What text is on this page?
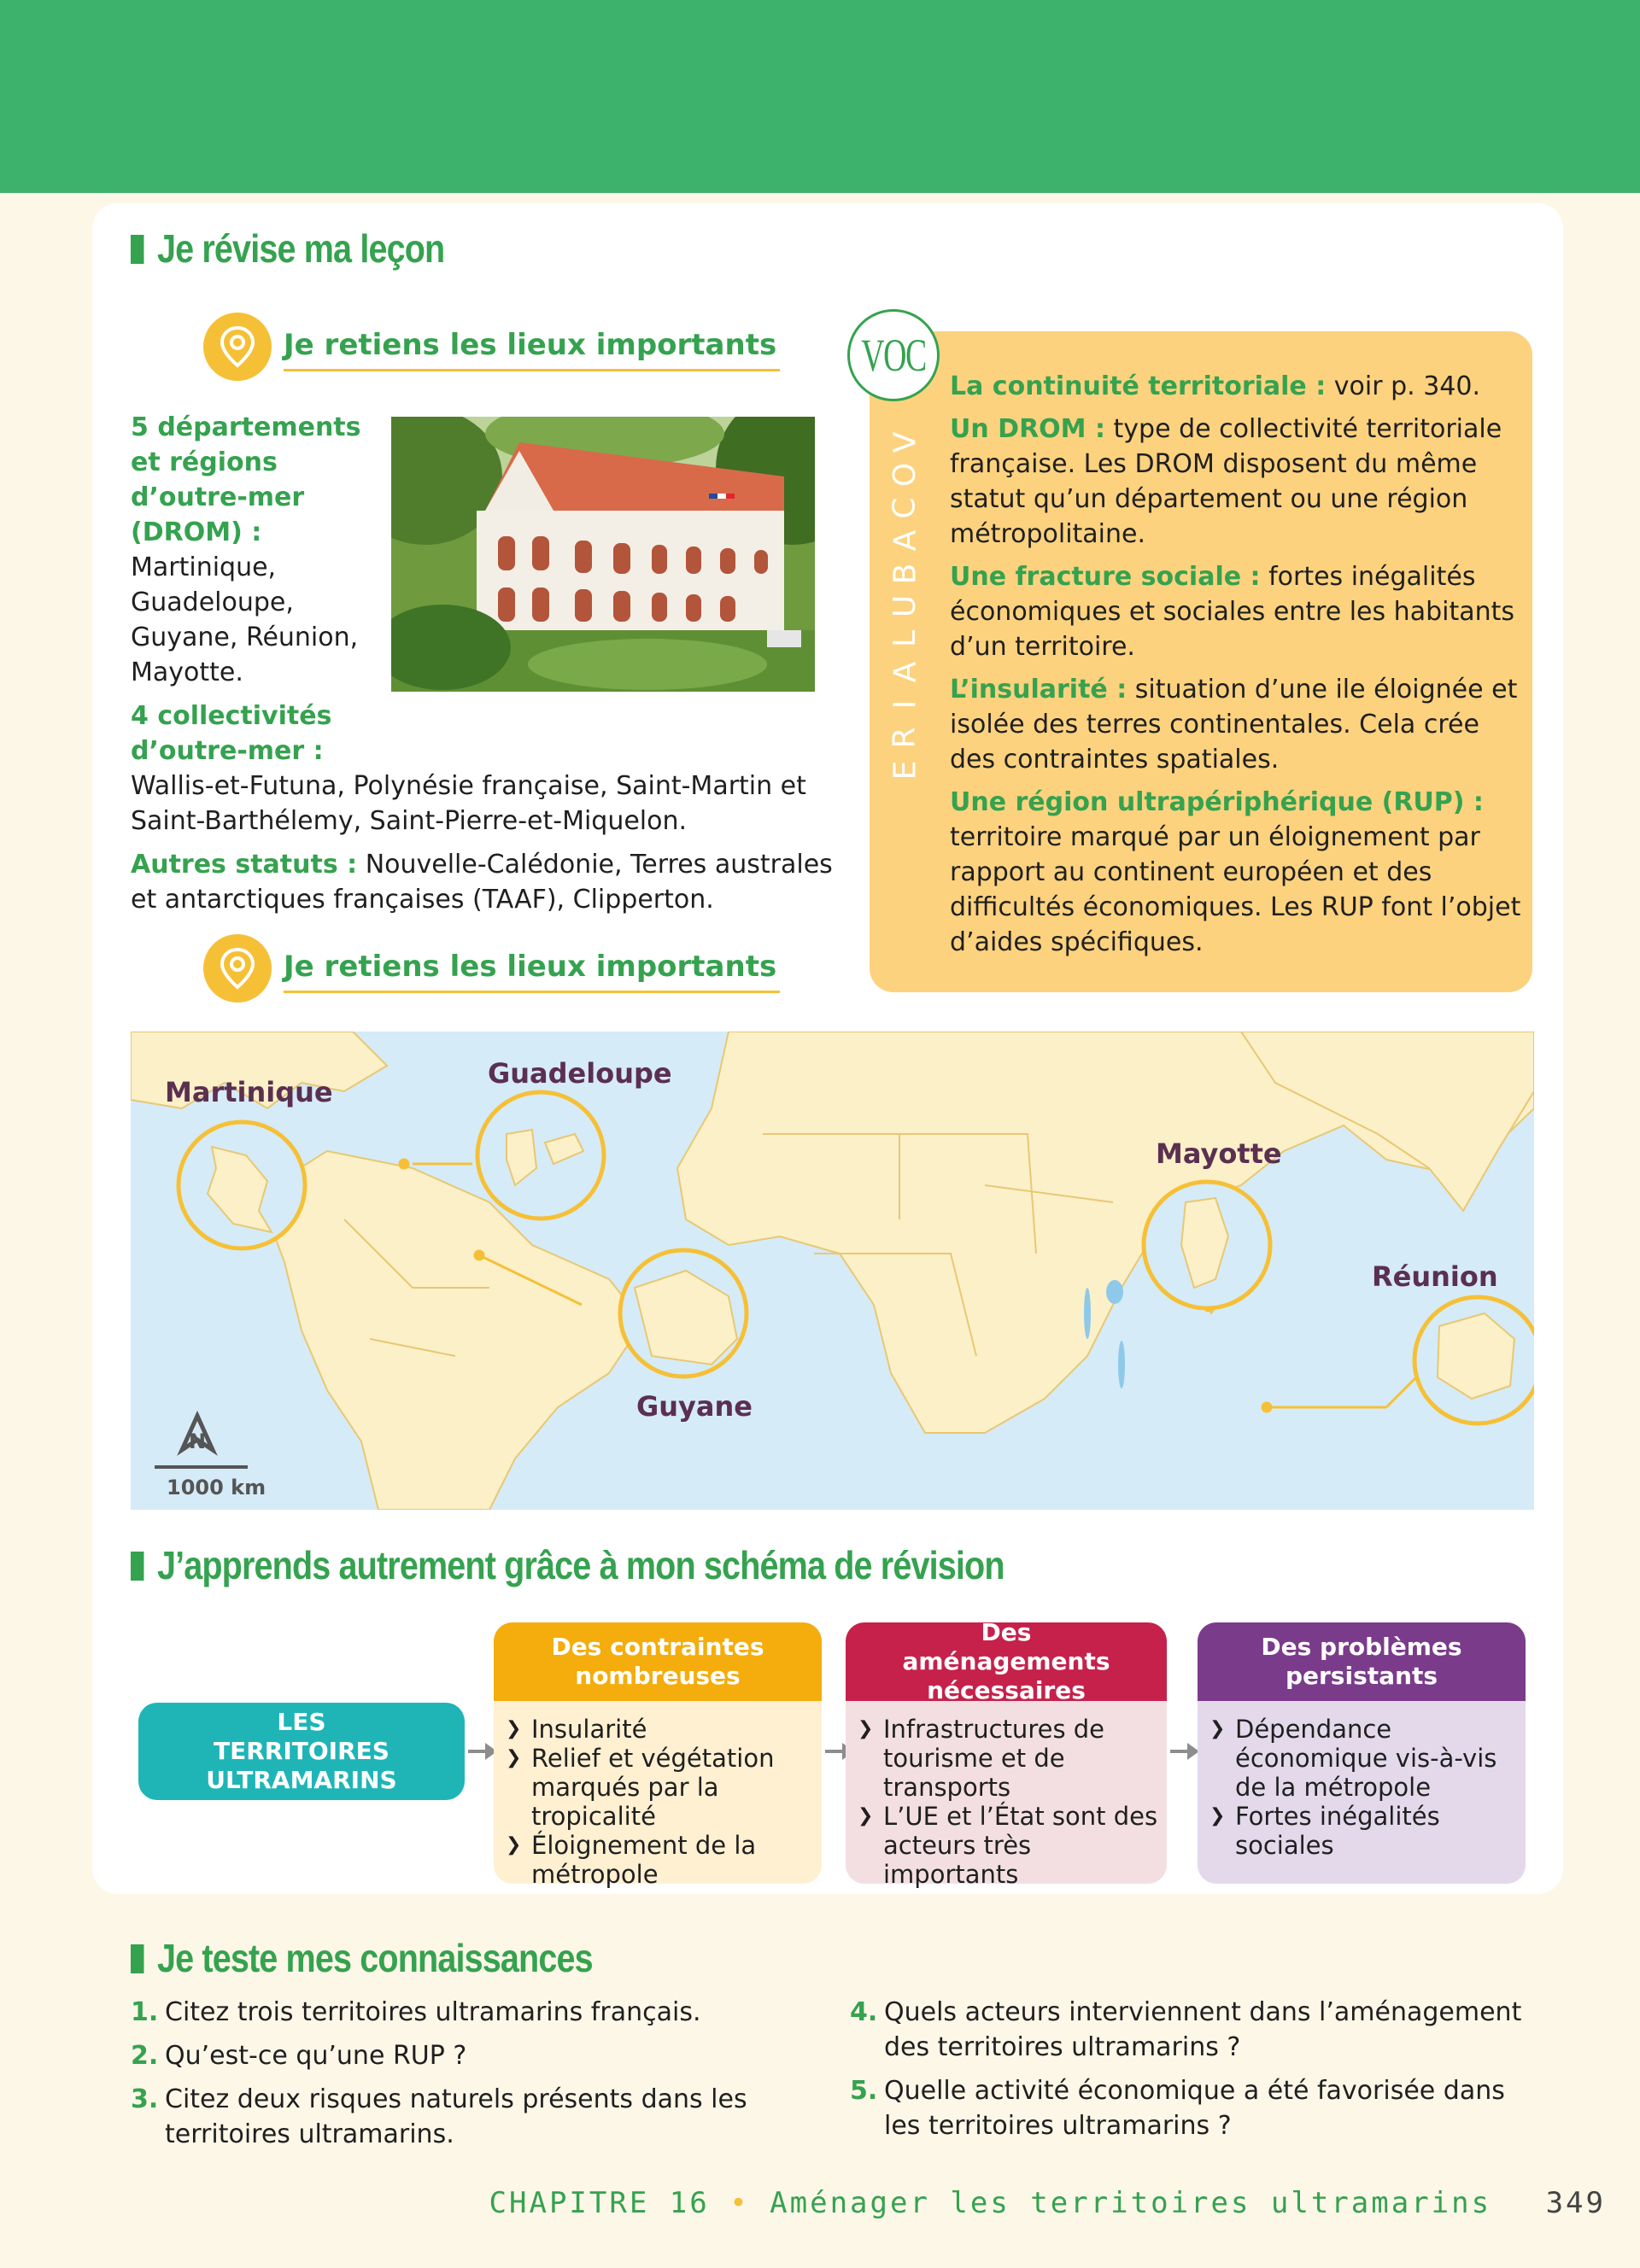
Je révise ma leçon
Je retiens les lieux importants

5 départements et régions d’outre-mer (DROM) :
Martinique, Guadeloupe, Guyane, Réunion, Mayotte.

4 collectivités d’outre-mer :
Wallis-et-Futuna, Polynésie française, Saint-Martin et Saint-Barthélemy, Saint-Pierre-et-Miquelon.

Autres statuts : Nouvelle-Calédonie, Terres australes et antarctiques françaises (TAAF), Clipperton.

Je retiens les lieux importants
VOC
V
O
C
A
B
U
L
A
I
R
E

La continuité territoriale : voir p. 340.

Un DROM : type de collectivité territoriale française. Les DROM disposent du même statut qu’un département ou une région métropolitaine.

Une fracture sociale : fortes inégalités économiques et sociales entre les habitants d’un territoire.

L’insularité : situation d’une ile éloignée et isolée des terres continentales. Cela crée des contraintes spatiales.

Une région ultrapériphérique (RUP) :
territoire marqué par un éloignement par rapport au continent européen et des difficultés économiques. Les RUP font l’objet d’aides spécifiques.

Martinique
Guadeloupe
Guyane
Mayotte
Réunion
N
1000 km
J’apprends autrement grâce à mon schéma de révision
LES TERRITOIRES ULTRAMARINS
Des contraintes nombreuses
❯ Insularité
❯ Relief et végétation marqués par la tropicalité
❯ Éloignement de la métropole
Des aménagements nécessaires
❯ Infrastructures de tourisme et de transports
❯ L’UE et l’État sont des acteurs très importants
Des problèmes persistants
❯ Dépendance économique vis-à-vis de la métropole
❯ Fortes inégalités sociales
Je teste mes connaissances
1. Citez trois territoires ultramarins français.
2. Qu’est-ce qu’une RUP ?
3. Citez deux risques naturels présents dans les territoires ultramarins.
4. Quels acteurs interviennent dans l’aménagement des territoires ultramarins ?
5. Quelle activité économique a été favorisée dans les territoires ultramarins ?
CHAPITRE 16 • Aménager les territoires ultramarins 349
